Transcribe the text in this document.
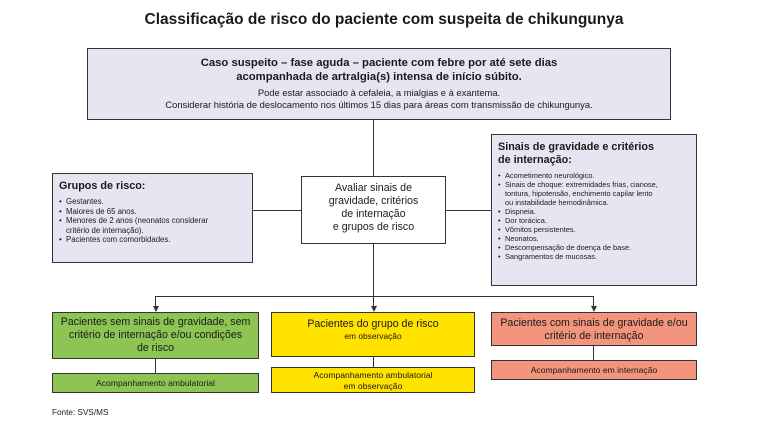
Classificação de risco do paciente com suspeita de chikungunya
Caso suspeito – fase aguda – paciente com febre por até sete dias
acompanhada de artralgia(s) intensa de início súbito.
Pode estar associado à cefaleia, a mialgias e à exantema.
Considerar história de deslocamento nos últimos 15 dias para áreas com transmissão de chikungunya.
Grupos de risco:
• Gestantes.
• Maiores de 65 anos.
• Menores de 2 anos (neonatos considerar
critério de internação).
• Pacientes com comorbidades.
Avaliar sinais de
gravidade, critérios
de internação
e grupos de risco
Sinais de gravidade e critérios
de internação:
• Acometimento neurológico.
• Sinais de choque: extremidades frias, cianose,
tontura, hipotensão, enchimento capilar lento
ou instabilidade hemodinâmica.
• Dispneia.
• Dor torácica.
• Vômitos persistentes.
• Neonatos.
• Descompensação de doença de base.
• Sangramentos de mucosas.
Pacientes sem sinais de gravidade, sem
critério de internação e/ou condições
de risco
Pacientes do grupo de risco
em observação
Pacientes com sinais de gravidade e/ou
critério de internação
Acompanhamento ambulatorial
Acompanhamento ambulatorial
em observação
Acompanhamento em internação
Fonte: SVS/MS
